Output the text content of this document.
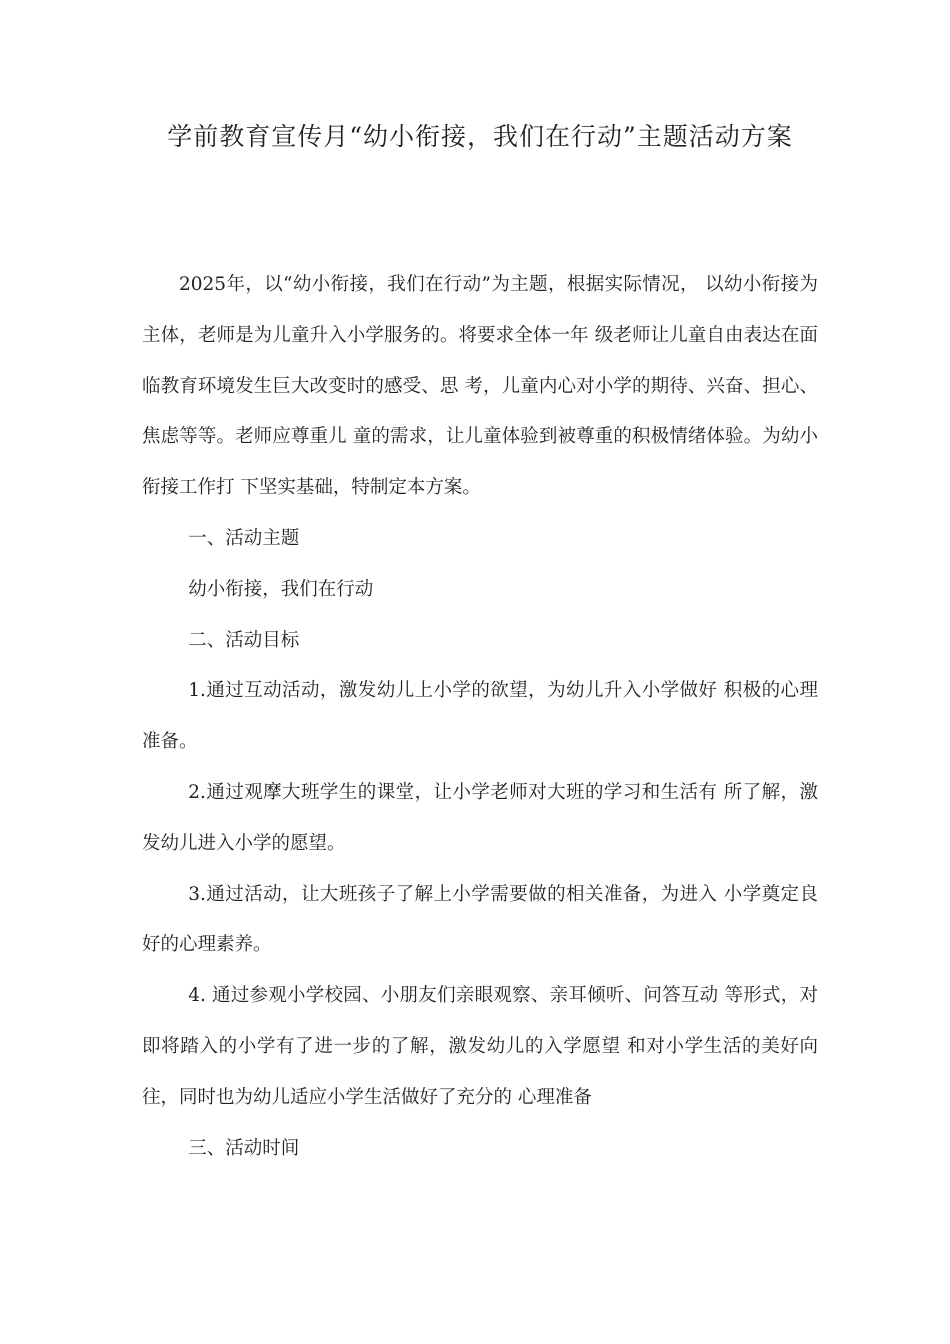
学前教育宣传月“幼小衔接，我们在行动”主题活动方案

2025年，以“幼小衔接，我们在行动”为主题，根据实际情况， 以幼小衔接为主体，老师是为儿童升入小学服务的。将要求全体一年 级老师让儿童自由表达在面临教育环境发生巨大改变时的感受、思 考，儿童内心对小学的期待、兴奋、担心、焦虑等等。老师应尊重儿 童的需求，让儿童体验到被尊重的积极情绪体验。为幼小衔接工作打 下坚实基础，特制定本方案。

一、活动主题

幼小衔接，我们在行动

二、活动目标

1.通过互动活动，激发幼儿上小学的欲望，为幼儿升入小学做好 积极的心理准备。

2.通过观摩大班学生的课堂，让小学老师对大班的学习和生活有 所了解，激发幼儿进入小学的愿望。

3.通过活动，让大班孩子了解上小学需要做的相关准备，为进入 小学奠定良好的心理素养。

4. 通过参观小学校园、小朋友们亲眼观察、亲耳倾听、问答互动 等形式，对即将踏入的小学有了进一步的了解，激发幼儿的入学愿望 和对小学生活的美好向往，同时也为幼儿适应小学生活做好了充分的 心理准备

三、活动时间
